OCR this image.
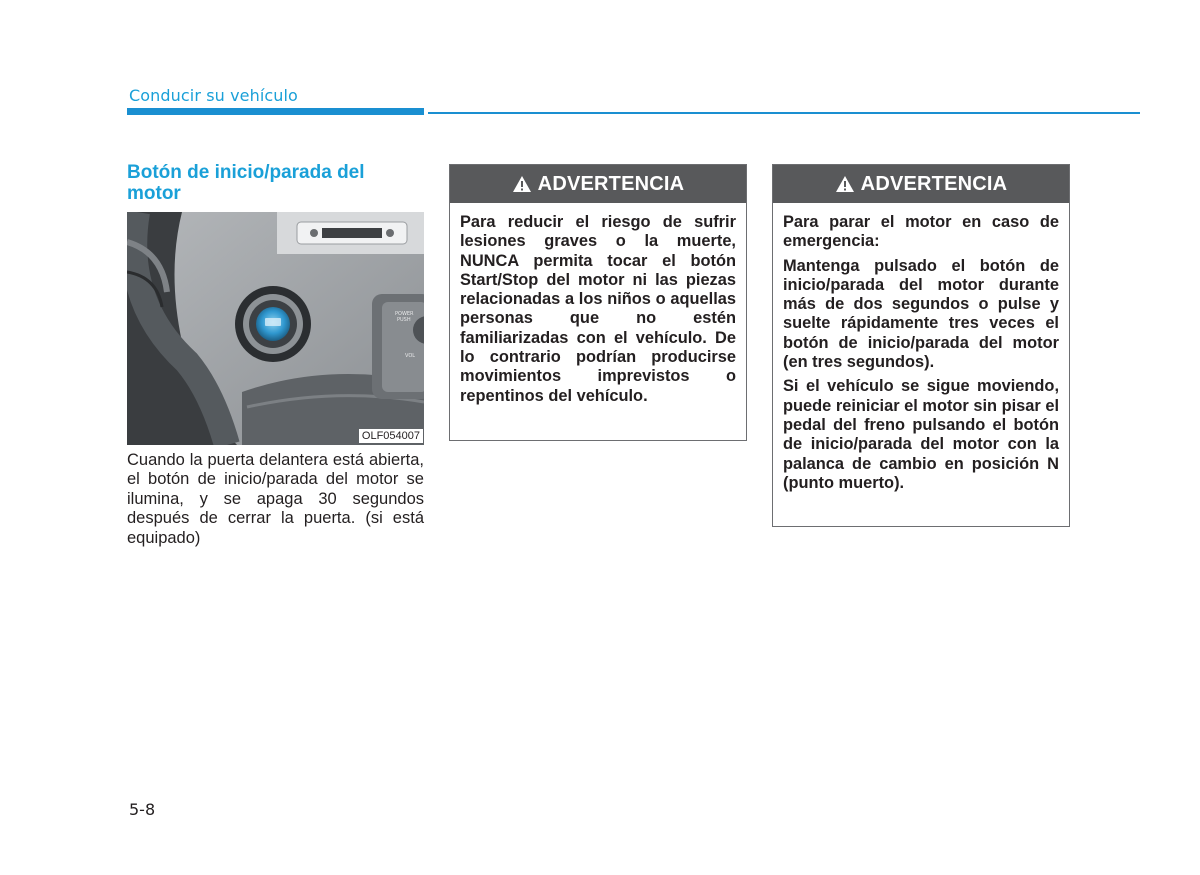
Conducir su vehículo
Botón de inicio/parada del motor
POWER
PUSH
VOL
OLF054007
Cuando la puerta delantera está abierta, el botón de inicio/parada del motor se ilumina, y se apaga 30 segundos después de cerrar la puerta. (si está equipado)
ADVERTENCIA

Para reducir el riesgo de sufrir lesiones graves o la muerte, NUNCA permita tocar el botón Start/Stop del motor ni las piezas relacionadas a los niños o aquellas personas que no estén familiarizadas con el vehículo. De lo contrario podrían producirse movimientos imprevistos o repentinos del vehículo.

ADVERTENCIA

Para parar el motor en caso de emergencia:

Mantenga pulsado el botón de inicio/parada del motor durante más de dos segundos o pulse y suelte rápidamente tres veces el botón de inicio/parada del motor (en tres segundos).

Si el vehículo se sigue moviendo, puede reiniciar el motor sin pisar el pedal del freno pulsando el botón de inicio/parada del motor con la palanca de cambio en posición N (punto muerto).

5-8
